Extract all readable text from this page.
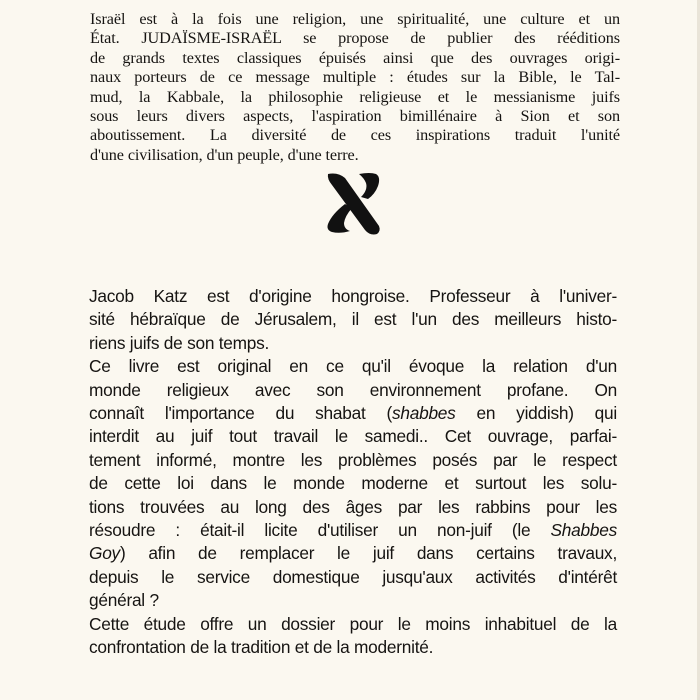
Israël est à la fois une religion, une spiritualité, une culture et un
État. JUDAÏSME-ISRAËL se propose de publier des rééditions
de grands textes classiques épuisés ainsi que des ouvrages origi-
naux porteurs de ce message multiple : études sur la Bible, le Tal-
mud, la Kabbale, la philosophie religieuse et le messianisme juifs
sous leurs divers aspects, l'aspiration bimillénaire à Sion et son
aboutissement. La diversité de ces inspirations traduit l'unité
d'une civilisation, d'un peuple, d'une terre.
Jacob Katz est d'origine hongroise. Professeur à l'univer-
sité hébraïque de Jérusalem, il est l'un des meilleurs histo-
riens juifs de son temps.
Ce livre est original en ce qu'il évoque la relation d'un
monde religieux avec son environnement profane. On
connaît l'importance du shabat (shabbes en yiddish) qui
interdit au juif tout travail le samedi.. Cet ouvrage, parfai-
tement informé, montre les problèmes posés par le respect
de cette loi dans le monde moderne et surtout les solu-
tions trouvées au long des âges par les rabbins pour les
résoudre : était-il licite d'utiliser un non-juif (le Shabbes
Goy) afin de remplacer le juif dans certains travaux,
depuis le service domestique jusqu'aux activités d'intérêt
général ?
Cette étude offre un dossier pour le moins inhabituel de la
confrontation de la tradition et de la modernité.
